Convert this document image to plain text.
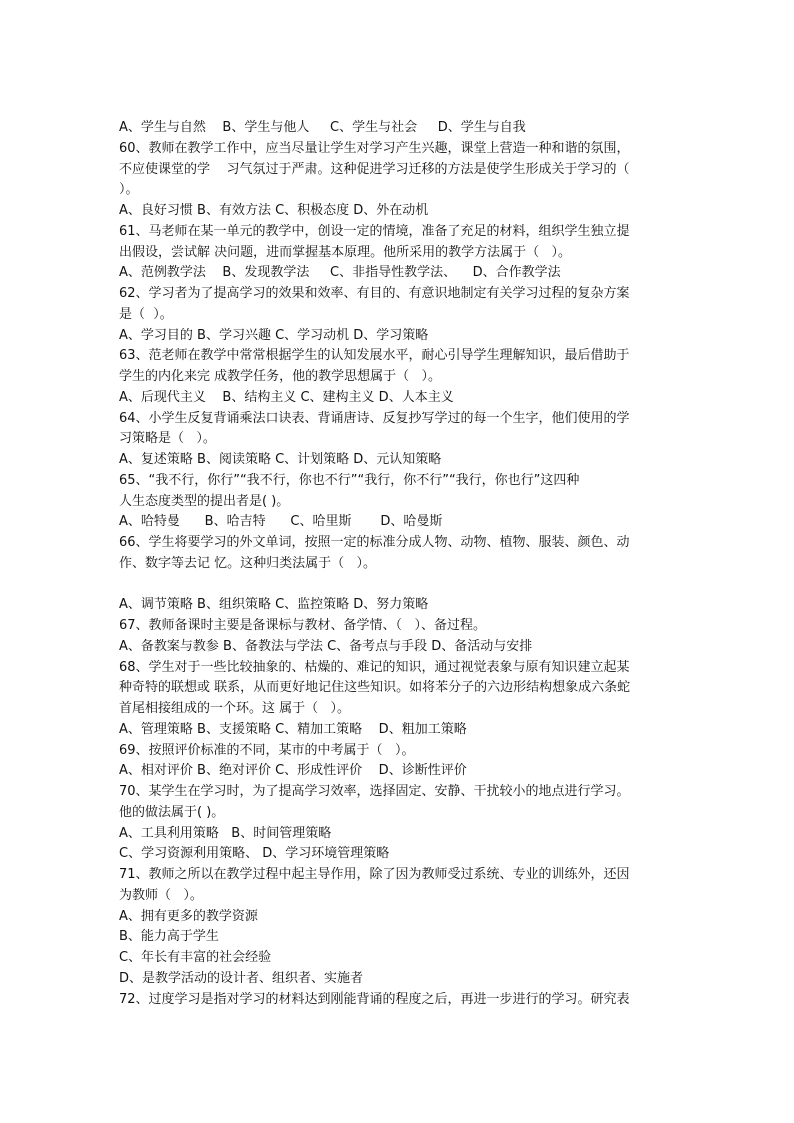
A、学生与自然    B、学生与他人     C、学生与社会     D、学生与自我
60、教师在教学工作中，应当尽量让学生对学习产生兴趣，课堂上营造一种和谐的氛围，
不应使课堂的学    习气氛过于严肃。这种促进学习迁移的方法是使学生形成关于学习的（
）。
A、良好习惯 B、有效方法 C、积极态度 D、外在动机
61、马老师在某一单元的教学中，创设一定的情境，准备了充足的材料，组织学生独立提
出假设，尝试解 决问题，进而掌握基本原理。他所采用的教学方法属于（   ）。
A、范例教学法    B、发现教学法     C、非指导性教学法、    D、合作教学法
62、学习者为了提高学习的效果和效率、有目的、有意识地制定有关学习过程的复杂方案
是（  ）。
A、学习目的 B、学习兴趣 C、学习动机 D、学习策略
63、范老师在教学中常常根据学生的认知发展水平，耐心引导学生理解知识，最后借助于
学生的内化来完 成教学任务，他的教学思想属于（   ）。
A、后现代主义    B、结构主义 C、建构主义 D、人本主义
64、小学生反复背诵乘法口诀表、背诵唐诗、反复抄写学过的每一个生字，他们使用的学
习策略是（   ）。
A、复述策略 B、阅读策略 C、计划策略 D、元认知策略
65、“我不行，你行”“我不行，你也不行”“我行，你不行”“我行，你也行”这四种
人生态度类型的提出者是( )。
A、哈特曼      B、哈吉特      C、哈里斯       D、哈曼斯
66、学生将要学习的外文单词，按照一定的标准分成人物、动物、植物、服装、颜色、动
作、数字等去记 忆。这种归类法属于（   ）。
A、调节策略 B、组织策略 C、监控策略 D、努力策略
67、教师备课时主要是备课标与教材、备学情、（   ）、备过程。
A、备教案与教参 B、备教法与学法 C、备考点与手段 D、备活动与安排
68、学生对于一些比较抽象的、枯燥的、难记的知识，通过视觉表象与原有知识建立起某
种奇特的联想或 联系，从而更好地记住这些知识。如将苯分子的六边形结构想象成六条蛇
首尾相接组成的一个环。这 属于（   ）。
A、管理策略 B、支援策略 C、精加工策略    D、粗加工策略
69、按照评价标准的不同，某市的中考属于（   ）。
A、相对评价 B、绝对评价 C、形成性评价    D、诊断性评价
70、某学生在学习时，为了提高学习效率，选择固定、安静、干扰较小的地点进行学习。
他的做法属于( )。
A、工具利用策略   B、时间管理策略
C、学习资源利用策略、 D、学习环境管理策略
71、教师之所以在教学过程中起主导作用，除了因为教师受过系统、专业的训练外，还因
为教师（   ）。
A、拥有更多的教学资源
B、能力高于学生
C、年长有丰富的社会经验
D、是教学活动的设计者、组织者、实施者
72、过度学习是指对学习的材料达到刚能背诵的程度之后，再进一步进行的学习。研究表
